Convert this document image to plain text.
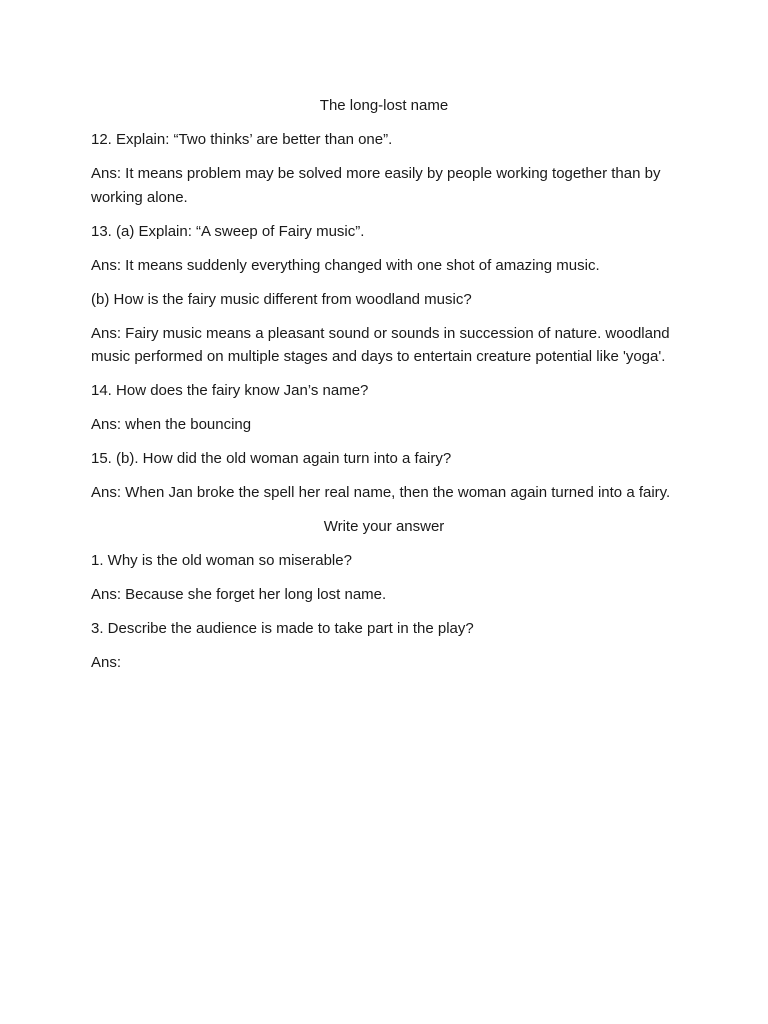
The long-lost name

12. Explain: “Two thinks’ are better than one”.

Ans: It means problem may be solved more easily by people working together than by working alone.

13. (a) Explain: “A sweep of Fairy music”.

Ans: It means suddenly everything changed with one shot of amazing music.

(b) How is the fairy music different from woodland music?

Ans: Fairy music means a pleasant sound or sounds in succession of nature. woodland music performed on multiple stages and days to entertain creature potential like 'yoga'.

14. How does the fairy know Jan’s name?

Ans: when the bouncing

15. (b). How did the old woman again turn into a fairy?

Ans: When Jan broke the spell her real name, then the woman again turned into a fairy.

Write your answer

1. Why is the old woman so miserable?

Ans: Because she forget her long lost name.

3. Describe the audience is made to take part in the play?

Ans:
